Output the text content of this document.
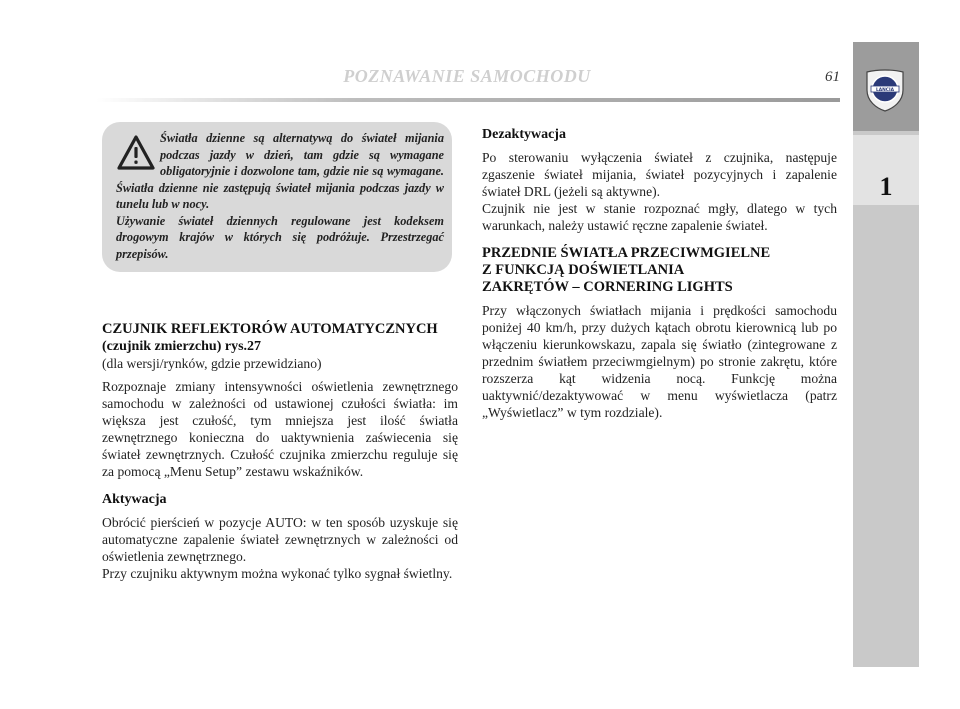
POZNAWANIE SAMOCHODU	61
LANCIA
1
Światła dzienne są alternatywą do świateł mijania podczas jazdy w dzień, tam gdzie są wymagane obligatoryjnie i dozwolone tam, gdzie nie są wymagane. Światła dzienne nie zastępują świateł mijania podczas jazdy w tunelu lub w nocy.
Używanie świateł dziennych regulowane jest kodeksem drogowym krajów w których się podróżuje. Przestrzegać przepisów.
CZUJNIK REFLEKTORÓW AUTOMATYCZNYCH
(czujnik zmierzchu) rys.27

(dla wersji/rynków, gdzie przewidziano)

Rozpoznaje zmiany intensywności oświetlenia zewnętrznego samochodu w zależności od ustawionej czułości światła: im większa jest czułość, tym mniejsza jest ilość światła zewnętrznego konieczna do uaktywnienia zaświecenia się świateł zewnętrznych. Czułość czujnika zmierzchu reguluje się za pomocą „Menu Setup” zestawu wskaźników.

Aktywacja

Obrócić pierścień w pozycje AUTO: w ten sposób uzyskuje się automatyczne zapalenie świateł zewnętrznych w zależności od oświetlenia zewnętrznego.

Przy czujniku aktywnym można wykonać tylko sygnał świetlny.

Dezaktywacja

Po sterowaniu wyłączenia świateł z czujnika, następuje zgaszenie świateł mijania, świateł pozycyjnych i zapalenie świateł DRL (jeżeli są aktywne).

Czujnik nie jest w stanie rozpoznać mgły, dlatego w tych warunkach, należy ustawić ręczne zapalenie świateł.

PRZEDNIE ŚWIATŁA PRZECIWMGIELNE
Z FUNKCJĄ DOŚWIETLANIA
ZAKRĘTÓW – CORNERING LIGHTS

Przy włączonych światłach mijania i prędkości samochodu poniżej 40 km/h, przy dużych kątach obrotu kierownicą lub po włączeniu kierunkowskazu, zapala się światło (zintegrowane z przednim światłem przeciwmgielnym) po stronie zakrętu, które rozszerza kąt widzenia nocą. Funkcję można uaktywnić/dezaktywować w menu wyświetlacza (patrz „Wyświetlacz” w tym rozdziale).
